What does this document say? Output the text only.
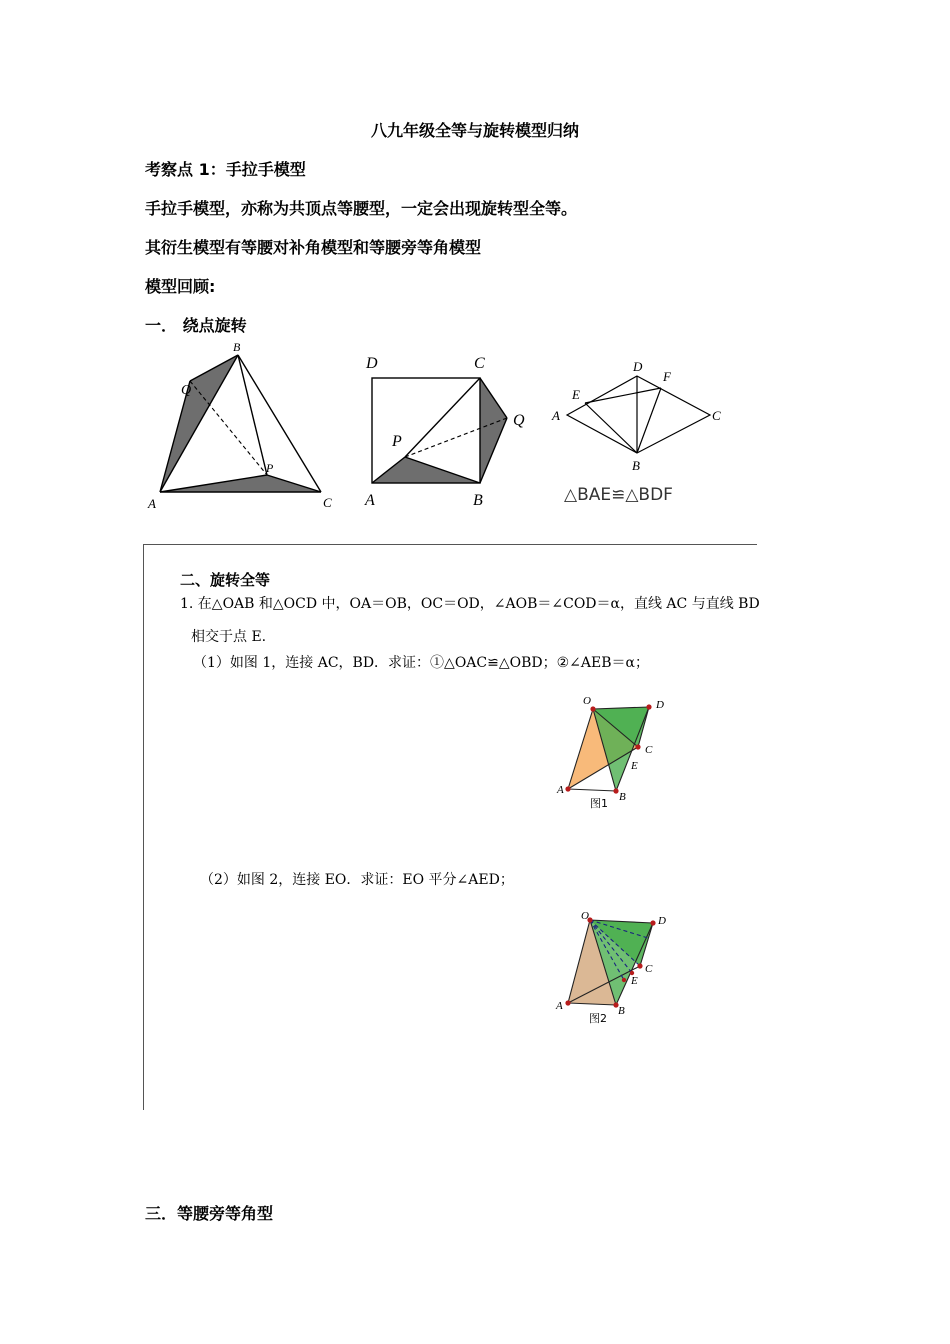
八九年级全等与旋转模型归纳
考察点 1：手拉手模型
手拉手模型，亦称为共顶点等腰型，一定会出现旋转型全等。
其衍生模型有等腰对补角模型和等腰旁等角模型
模型回顾:
一． 绕点旋转
B
Q
P
A	C
D	C
Q
P
A	B
D
F
E
A	C
B
△BAE≌△BDF
二、旋转全等
1. 在△OAB 和△OCD 中，OA＝OB，OC＝OD，∠AOB＝∠COD＝α，直线 AC 与直线 BD
相交于点 E.
（1）如图 1，连接 AC，BD．求证：①△OAC≌△OBD；②∠AEB＝α；
O	D
C
E
A
B
图1
（2）如图 2，连接 EO．求证：EO 平分∠AED；
O	D
C
E
A	B
图2
三．等腰旁等角型
